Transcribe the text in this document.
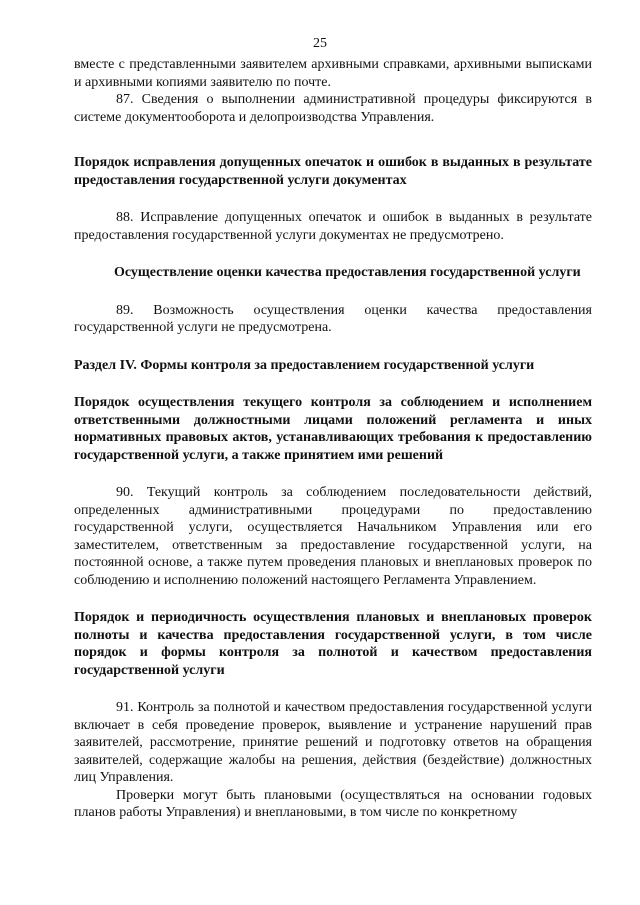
25

вместе с представленными заявителем архивными справками, архивными выписками и архивными копиями заявителю по почте.

87. Сведения о выполнении административной процедуры фиксируются в системе документооборота и делопроизводства Управления.

Порядок исправления допущенных опечаток и ошибок в выданных в результате предоставления государственной услуги документах

88. Исправление допущенных опечаток и ошибок в выданных в результате предоставления государственной услуги документах не предусмотрено.

Осуществление оценки качества предоставления государственной услуги

89. Возможность осуществления оценки качества предоставления государственной услуги не предусмотрена.

Раздел IV. Формы контроля за предоставлением государственной услуги

Порядок осуществления текущего контроля за соблюдением и исполнением ответственными должностными лицами положений регламента и иных нормативных правовых актов, устанавливающих требования к предоставлению государственной услуги, а также принятием ими решений

90. Текущий контроль за соблюдением последовательности действий, определенных административными процедурами по предоставлению государственной услуги, осуществляется Начальником Управления или его заместителем, ответственным за предоставление государственной услуги, на постоянной основе, а также путем проведения плановых и внеплановых проверок по соблюдению и исполнению положений настоящего Регламента Управлением.

Порядок и периодичность осуществления плановых и внеплановых проверок полноты и качества предоставления государственной услуги, в том числе порядок и формы контроля за полнотой и качеством предоставления государственной услуги

91. Контроль за полнотой и качеством предоставления государственной услуги включает в себя проведение проверок, выявление и устранение нарушений прав заявителей, рассмотрение, принятие решений и подготовку ответов на обращения заявителей, содержащие жалобы на решения, действия (бездействие) должностных лиц Управления.

Проверки могут быть плановыми (осуществляться на основании годовых планов работы Управления) и внеплановыми, в том числе по конкретному
